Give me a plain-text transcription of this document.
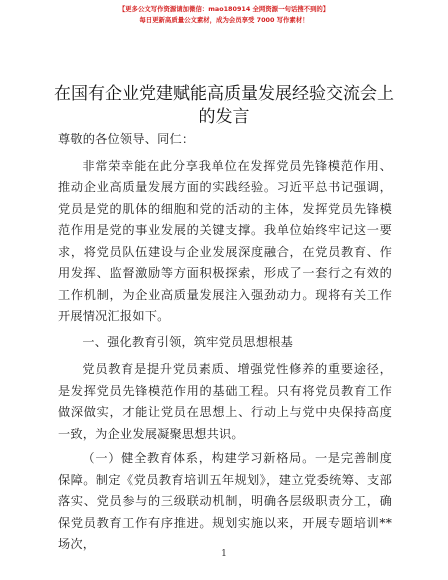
【更多公文写作资源请加微信：mao180914 全网资源一句话搜不到的】
每日更新高质量公文素材，成为会员享受 7000 写作素材！
在国有企业党建赋能高质量发展经验交流会上
的发言

尊敬的各位领导、同仁：

非常荣幸能在此分享我单位在发挥党员先锋模范作用、推动企业高质量发展方面的实践经验。习近平总书记强调，党员是党的肌体的细胞和党的活动的主体，发挥党员先锋模范作用是党的事业发展的关键支撑。我单位始终牢记这一要求，将党员队伍建设与企业发展深度融合，在党员教育、作用发挥、监督激励等方面积极探索，形成了一套行之有效的工作机制，为企业高质量发展注入强劲动力。现将有关工作开展情况汇报如下。

一、强化教育引领，筑牢党员思想根基

党员教育是提升党员素质、增强党性修养的重要途径，是发挥党员先锋模范作用的基础工程。只有将党员教育工作做深做实，才能让党员在思想上、行动上与党中央保持高度一致，为企业发展凝聚思想共识。

（一）健全教育体系，构建学习新格局。一是完善制度保障。制定《党员教育培训五年规划》，建立党委统筹、支部落实、党员参与的三级联动机制，明确各层级职责分工，确保党员教育工作有序推进。规划实施以来，开展专题培训**场次，

1
